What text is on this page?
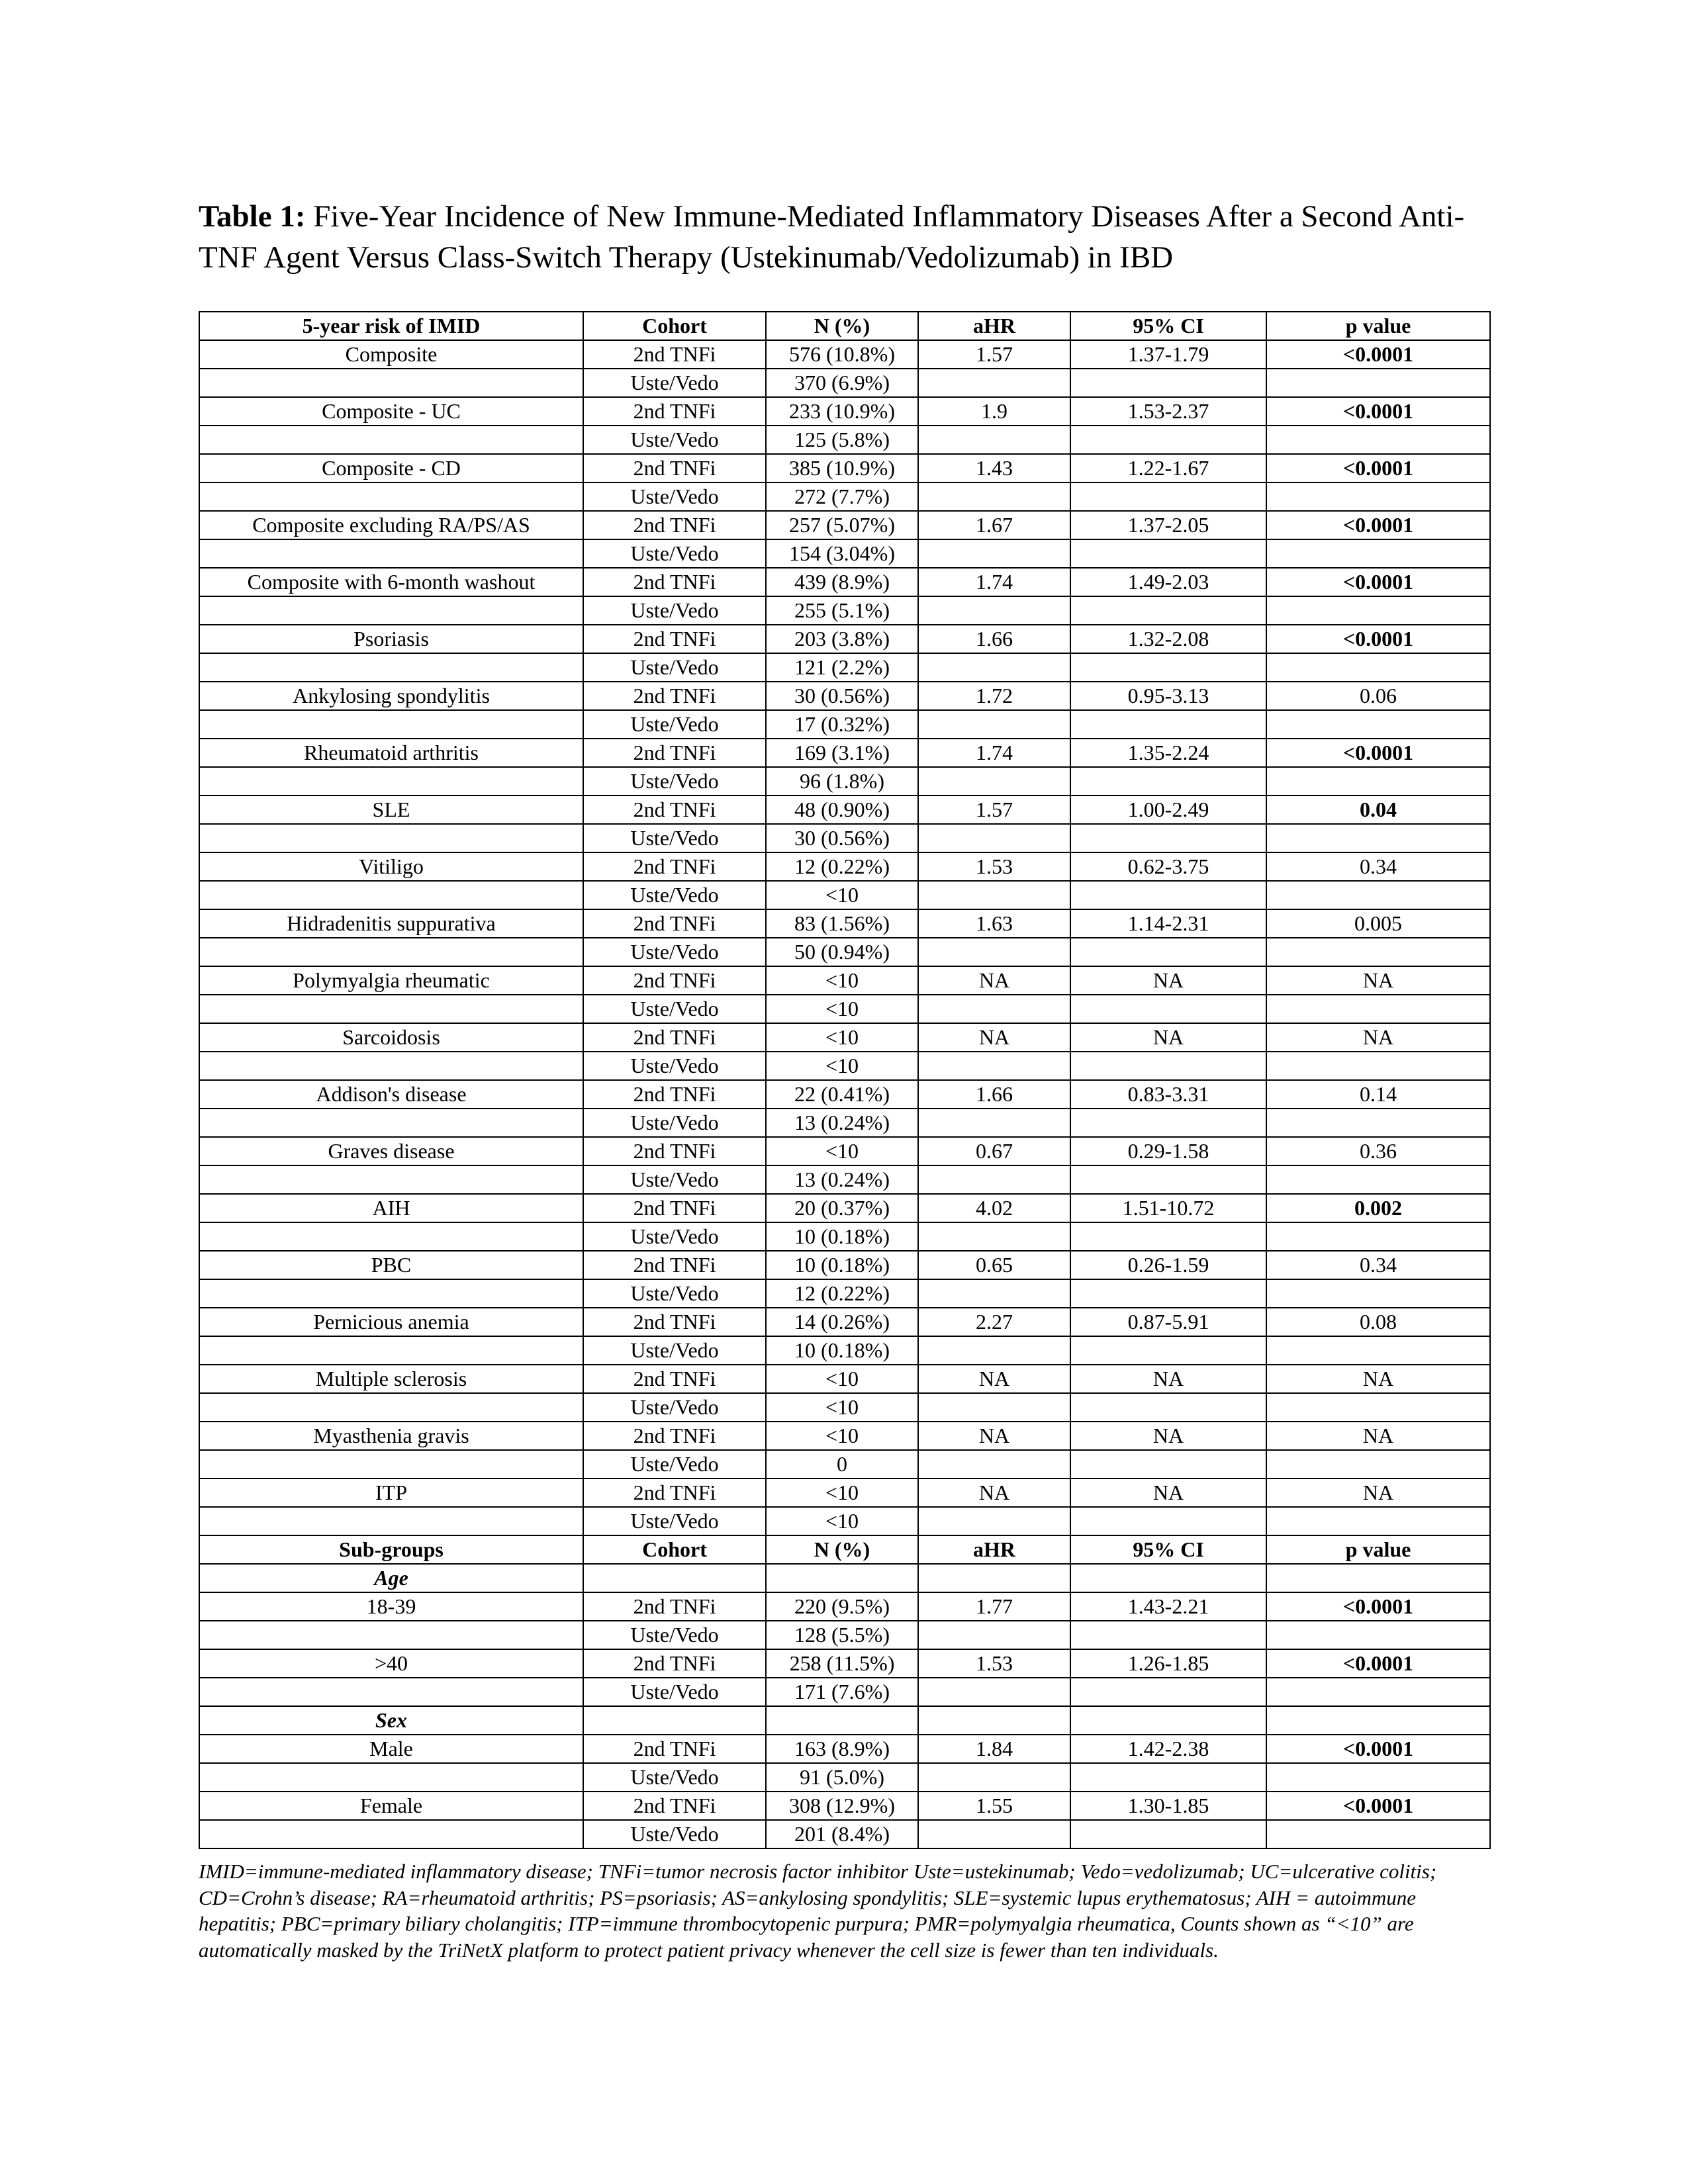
Table 1: Five-Year Incidence of New Immune-Mediated Inflammatory Diseases After a Second Anti-TNF Agent Versus Class-Switch Therapy (Ustekinumab/Vedolizumab) in IBD
5-year risk of IMID	Cohort	N (%)	aHR	95% CI	p value
Composite	2nd TNFi	576 (10.8%)	1.57	1.37-1.79	<0.0001
	Uste/Vedo	370 (6.9%)			
Composite - UC	2nd TNFi	233 (10.9%)	1.9	1.53-2.37	<0.0001
	Uste/Vedo	125 (5.8%)			
Composite - CD	2nd TNFi	385 (10.9%)	1.43	1.22-1.67	<0.0001
	Uste/Vedo	272 (7.7%)			
Composite excluding RA/PS/AS	2nd TNFi	257 (5.07%)	1.67	1.37-2.05	<0.0001
	Uste/Vedo	154 (3.04%)			
Composite with 6-month washout	2nd TNFi	439 (8.9%)	1.74	1.49-2.03	<0.0001
	Uste/Vedo	255 (5.1%)			
Psoriasis	2nd TNFi	203 (3.8%)	1.66	1.32-2.08	<0.0001
	Uste/Vedo	121 (2.2%)			
Ankylosing spondylitis	2nd TNFi	30 (0.56%)	1.72	0.95-3.13	0.06
	Uste/Vedo	17 (0.32%)			
Rheumatoid arthritis	2nd TNFi	169 (3.1%)	1.74	1.35-2.24	<0.0001
	Uste/Vedo	96 (1.8%)			
SLE	2nd TNFi	48 (0.90%)	1.57	1.00-2.49	0.04
	Uste/Vedo	30 (0.56%)			
Vitiligo	2nd TNFi	12 (0.22%)	1.53	0.62-3.75	0.34
	Uste/Vedo	<10			
Hidradenitis suppurativa	2nd TNFi	83 (1.56%)	1.63	1.14-2.31	0.005
	Uste/Vedo	50 (0.94%)			
Polymyalgia rheumatic	2nd TNFi	<10	NA	NA	NA
	Uste/Vedo	<10			
Sarcoidosis	2nd TNFi	<10	NA	NA	NA
	Uste/Vedo	<10			
Addison's disease	2nd TNFi	22 (0.41%)	1.66	0.83-3.31	0.14
	Uste/Vedo	13 (0.24%)			
Graves disease	2nd TNFi	<10	0.67	0.29-1.58	0.36
	Uste/Vedo	13 (0.24%)			
AIH	2nd TNFi	20 (0.37%)	4.02	1.51-10.72	0.002
	Uste/Vedo	10 (0.18%)			
PBC	2nd TNFi	10 (0.18%)	0.65	0.26-1.59	0.34
	Uste/Vedo	12 (0.22%)			
Pernicious anemia	2nd TNFi	14 (0.26%)	2.27	0.87-5.91	0.08
	Uste/Vedo	10 (0.18%)			
Multiple sclerosis	2nd TNFi	<10	NA	NA	NA
	Uste/Vedo	<10			
Myasthenia gravis	2nd TNFi	<10	NA	NA	NA
	Uste/Vedo	0			
ITP	2nd TNFi	<10	NA	NA	NA
	Uste/Vedo	<10			
Sub-groups	Cohort	N (%)	aHR	95% CI	p value
Age					
18-39	2nd TNFi	220 (9.5%)	1.77	1.43-2.21	<0.0001
	Uste/Vedo	128 (5.5%)			
>40	2nd TNFi	258 (11.5%)	1.53	1.26-1.85	<0.0001
	Uste/Vedo	171 (7.6%)			
Sex					
Male	2nd TNFi	163 (8.9%)	1.84	1.42-2.38	<0.0001
	Uste/Vedo	91 (5.0%)			
Female	2nd TNFi	308 (12.9%)	1.55	1.30-1.85	<0.0001
	Uste/Vedo	201 (8.4%)			
IMID=immune-mediated inflammatory disease; TNFi=tumor necrosis factor inhibitor Uste=ustekinumab; Vedo=vedolizumab; UC=ulcerative colitis; CD=Crohn’s disease; RA=rheumatoid arthritis; PS=psoriasis; AS=ankylosing spondylitis; SLE=systemic lupus erythematosus; AIH = autoimmune hepatitis; PBC=primary biliary cholangitis; ITP=immune thrombocytopenic purpura; PMR=polymyalgia rheumatica, Counts shown as “<10” are automatically masked by the TriNetX platform to protect patient privacy whenever the cell size is fewer than ten individuals.
